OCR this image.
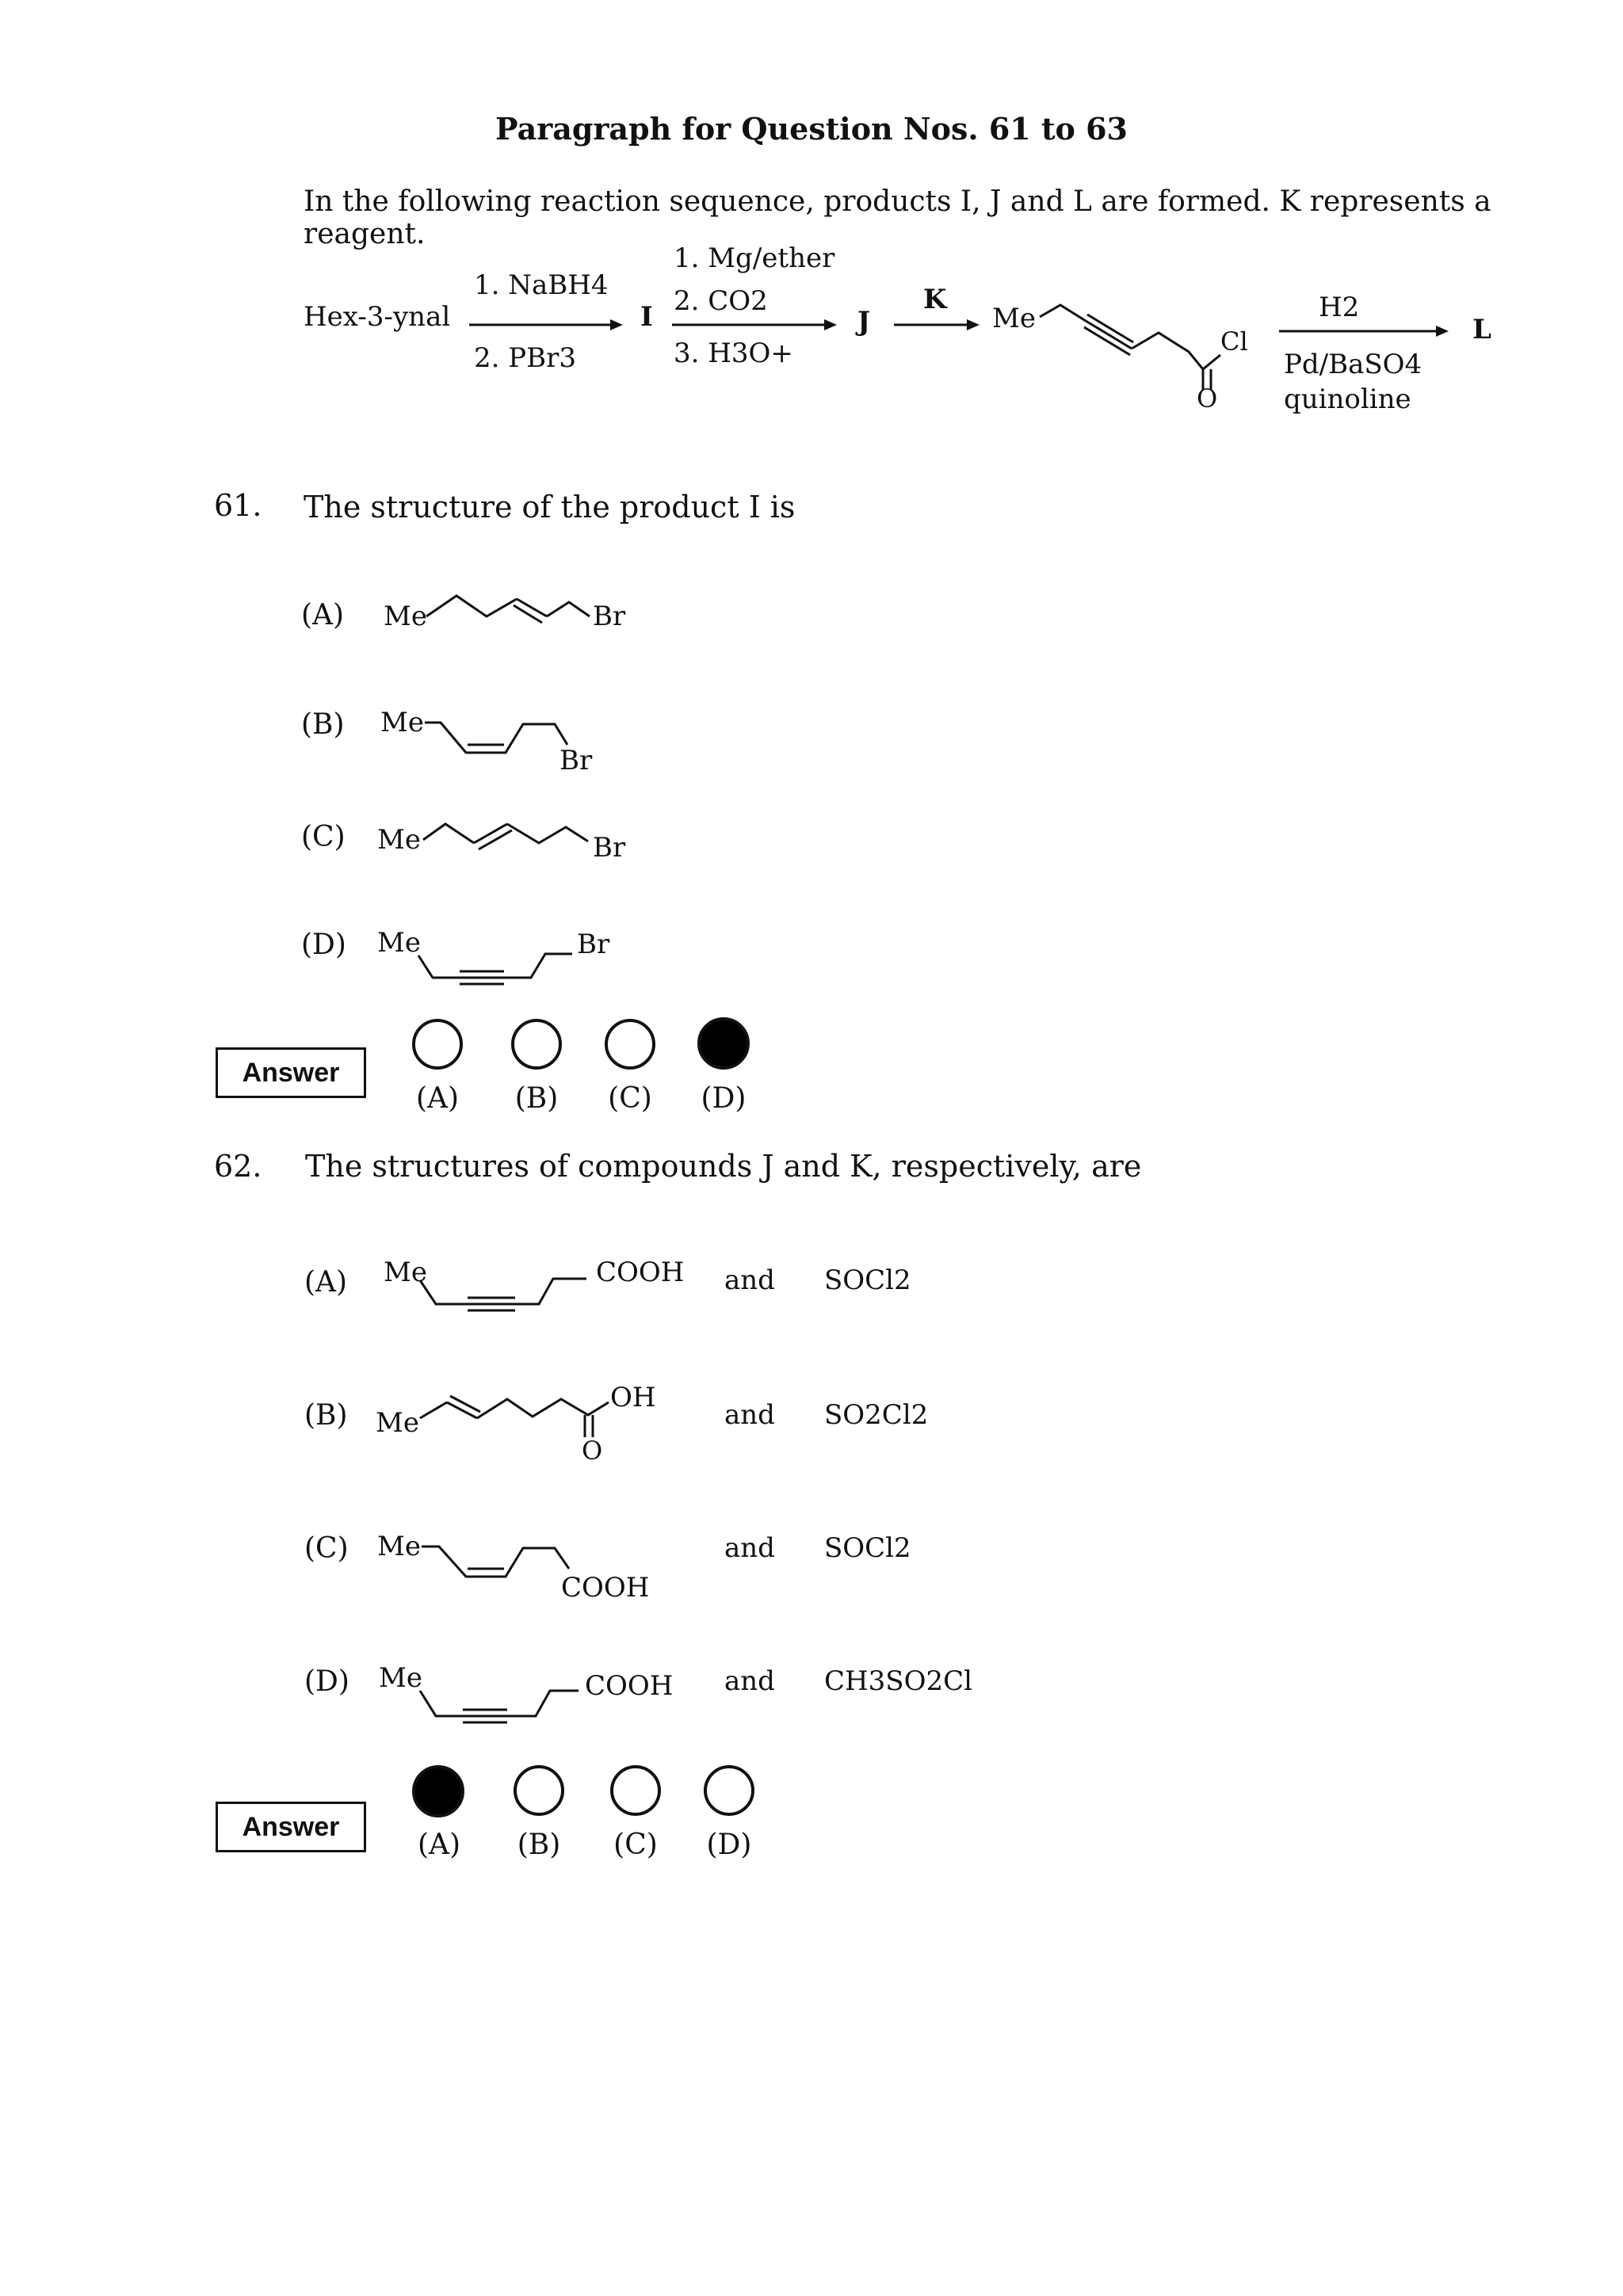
Paragraph for Question Nos. 61 to 63
In the following reaction sequence, products I, J and L are formed. K represents a reagent.
Hex-3-ynal
1. NaBH4
2. PBr3
I
1. Mg/ether
2. CO2
3. H3O+
J
K
Me
Cl
O
H2
Pd/BaSO4
quinoline
L
61. The structure of the product I is
(A) Me	Br
(B) Me
Br
(C) Me	Br
(D) Me	Br
Answer
(A)	(B)	(C)	(D)
62. The structures of compounds J and K, respectively, are
(A) Me	COOH and SOCl2
(B) Me
OH
O
and SO2Cl2
(C) Me
COOH
and SOCl2
(D) Me	COOH and CH3SO2Cl
Answer
(A)	(B)	(C)	(D)
